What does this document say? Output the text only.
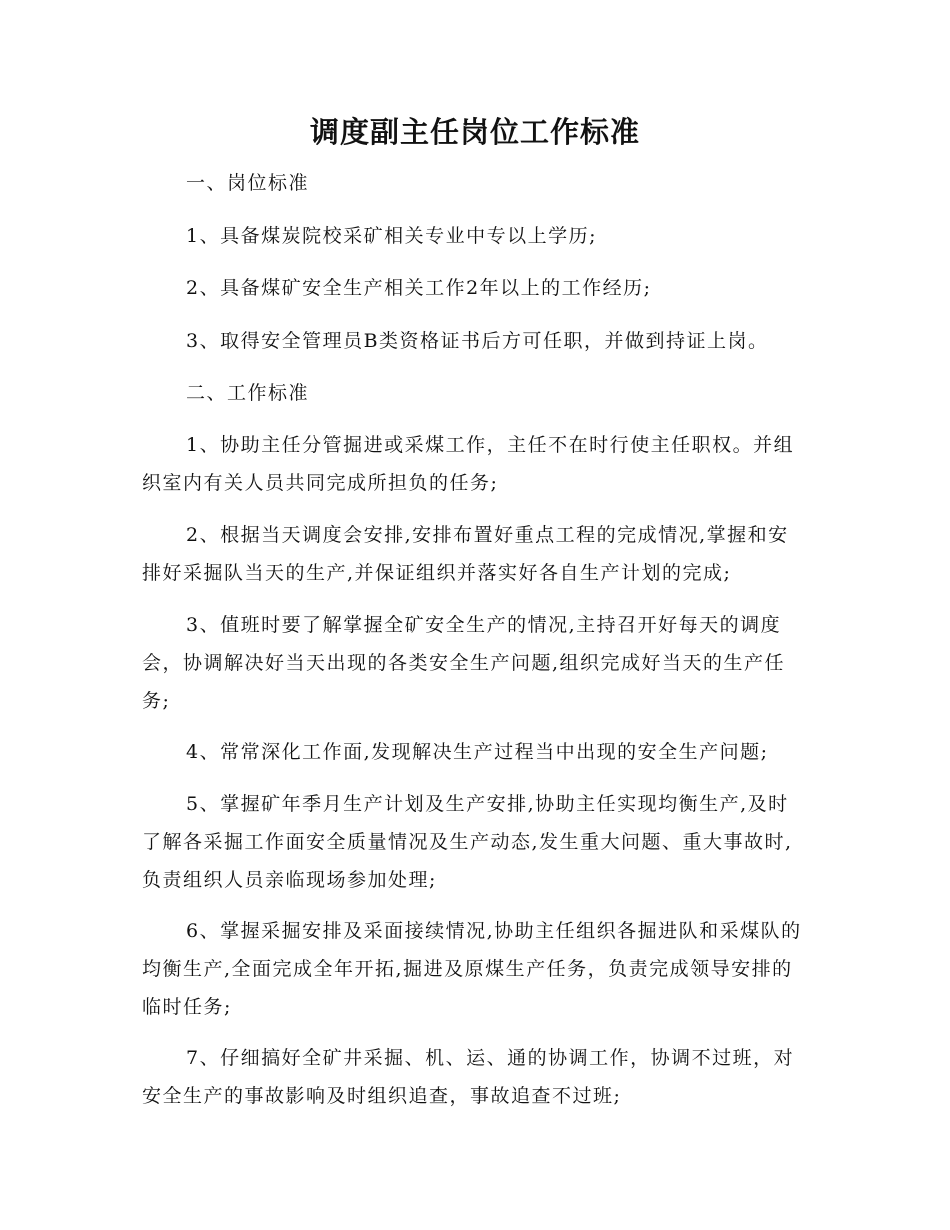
调度副主任岗位工作标准

一、岗位标准

1、具备煤炭院校采矿相关专业中专以上学历;

2、具备煤矿安全生产相关工作2年以上的工作经历;

3、取得安全管理员B类资格证书后方可任职，并做到持证上岗。

二、工作标准

1、协助主任分管掘进或采煤工作，主任不在时行使主任职权。并组织室内有关人员共同完成所担负的任务;

2、根据当天调度会安排,安排布置好重点工程的完成情况,掌握和安排好采掘队当天的生产,并保证组织并落实好各自生产计划的完成;

3、值班时要了解掌握全矿安全生产的情况,主持召开好每天的调度会，协调解决好当天出现的各类安全生产问题,组织完成好当天的生产任务;

4、常常深化工作面,发现解决生产过程当中出现的安全生产问题;

5、掌握矿年季月生产计划及生产安排,协助主任实现均衡生产,及时了解各采掘工作面安全质量情况及生产动态,发生重大问题、重大事故时,负责组织人员亲临现场参加处理;

6、掌握采掘安排及采面接续情况,协助主任组织各掘进队和采煤队的均衡生产,全面完成全年开拓,掘进及原煤生产任务，负责完成领导安排的临时任务;

7、仔细搞好全矿井采掘、机、运、通的协调工作，协调不过班，对安全生产的事故影响及时组织追查，事故追查不过班;
